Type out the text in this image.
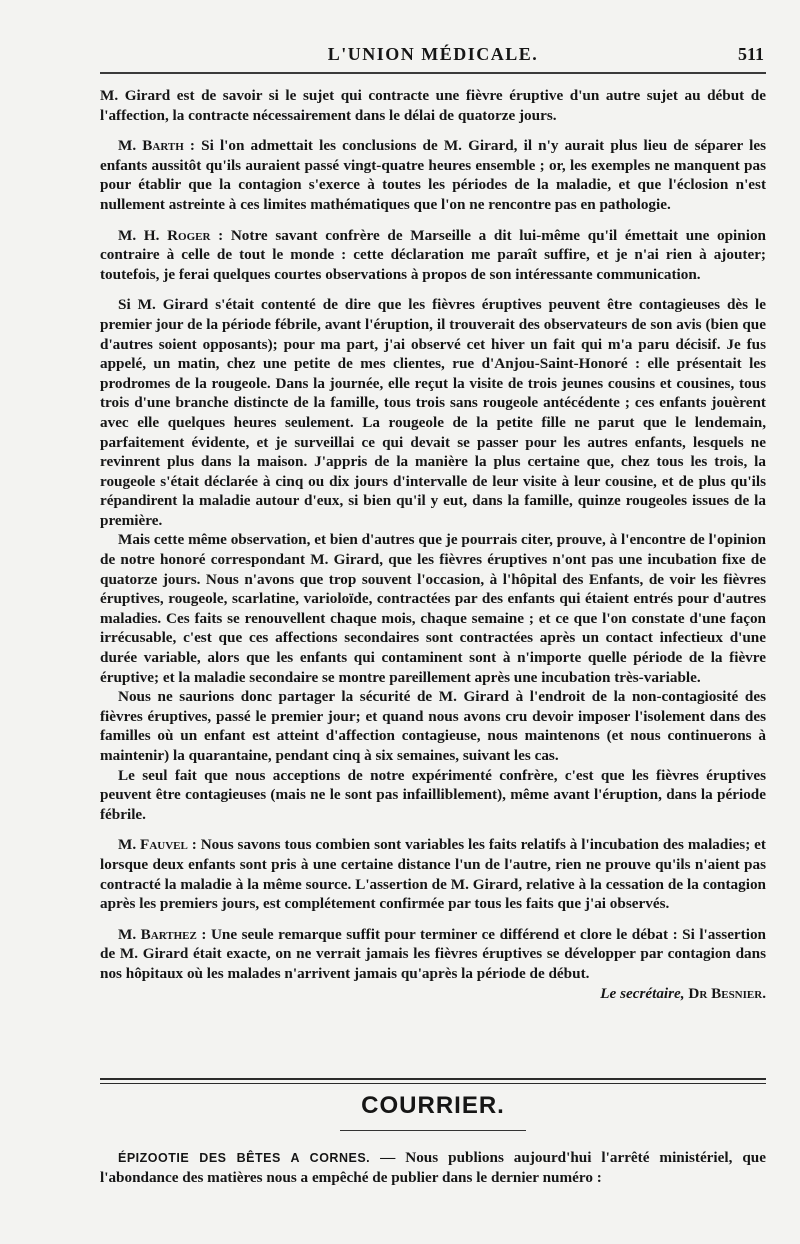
L'UNION MÉDICALE.	511

M. Girard est de savoir si le sujet qui contracte une fièvre éruptive d'un autre sujet au début de l'affection, la contracte nécessairement dans le délai de quatorze jours.

M. Barth : Si l'on admettait les conclusions de M. Girard, il n'y aurait plus lieu de séparer les enfants aussitôt qu'ils auraient passé vingt-quatre heures ensemble ; or, les exemples ne manquent pas pour établir que la contagion s'exerce à toutes les périodes de la maladie, et que l'éclosion n'est nullement astreinte à ces limites mathématiques que l'on ne rencontre pas en pathologie.

M. H. Roger : Notre savant confrère de Marseille a dit lui-même qu'il émettait une opinion contraire à celle de tout le monde : cette déclaration me paraît suffire, et je n'ai rien à ajouter; toutefois, je ferai quelques courtes observations à propos de son intéressante communication.

Si M. Girard s'était contenté de dire que les fièvres éruptives peuvent être contagieuses dès le premier jour de la période fébrile, avant l'éruption, il trouverait des observateurs de son avis (bien que d'autres soient opposants); pour ma part, j'ai observé cet hiver un fait qui m'a paru décisif. Je fus appelé, un matin, chez une petite de mes clientes, rue d'Anjou-Saint-Honoré : elle présentait les prodromes de la rougeole. Dans la journée, elle reçut la visite de trois jeunes cousins et cousines, tous trois d'une branche distincte de la famille, tous trois sans rougeole antécédente ; ces enfants jouèrent avec elle quelques heures seulement. La rougeole de la petite fille ne parut que le lendemain, parfaitement évidente, et je surveillai ce qui devait se passer pour les autres enfants, lesquels ne revinrent plus dans la maison. J'appris de la manière la plus certaine que, chez tous les trois, la rougeole s'était déclarée à cinq ou dix jours d'intervalle de leur visite à leur cousine, et de plus qu'ils répandirent la maladie autour d'eux, si bien qu'il y eut, dans la famille, quinze rougeoles issues de la première.

Mais cette même observation, et bien d'autres que je pourrais citer, prouve, à l'encontre de l'opinion de notre honoré correspondant M. Girard, que les fièvres éruptives n'ont pas une incubation fixe de quatorze jours. Nous n'avons que trop souvent l'occasion, à l'hôpital des Enfants, de voir les fièvres éruptives, rougeole, scarlatine, varioloïde, contractées par des enfants qui étaient entrés pour d'autres maladies. Ces faits se renouvellent chaque mois, chaque semaine ; et ce que l'on constate d'une façon irrécusable, c'est que ces affections secondaires sont contractées après un contact infectieux d'une durée variable, alors que les enfants qui contaminent sont à n'importe quelle période de la fièvre éruptive; et la maladie secondaire se montre pareillement après une incubation très-variable.

Nous ne saurions donc partager la sécurité de M. Girard à l'endroit de la non-contagiosité des fièvres éruptives, passé le premier jour; et quand nous avons cru devoir imposer l'isolement dans des familles où un enfant est atteint d'affection contagieuse, nous maintenons (et nous continuerons à maintenir) la quarantaine, pendant cinq à six semaines, suivant les cas.

Le seul fait que nous acceptions de notre expérimenté confrère, c'est que les fièvres éruptives peuvent être contagieuses (mais ne le sont pas infailliblement), même avant l'éruption, dans la période fébrile.

M. Fauvel : Nous savons tous combien sont variables les faits relatifs à l'incubation des maladies; et lorsque deux enfants sont pris à une certaine distance l'un de l'autre, rien ne prouve qu'ils n'aient pas contracté la maladie à la même source. L'assertion de M. Girard, relative à la cessation de la contagion après les premiers jours, est complétement confirmée par tous les faits que j'ai observés.

M. Barthez : Une seule remarque suffit pour terminer ce différend et clore le débat : Si l'assertion de M. Girard était exacte, on ne verrait jamais les fièvres éruptives se développer par contagion dans nos hôpitaux où les malades n'arrivent jamais qu'après la période de début.

Le secrétaire, Dr Besnier.

COURRIER.
ÉPIZOOTIE DES BÊTES A CORNES. — Nous publions aujourd'hui l'arrêté ministériel, que l'abondance des matières nous a empêché de publier dans le dernier numéro :
